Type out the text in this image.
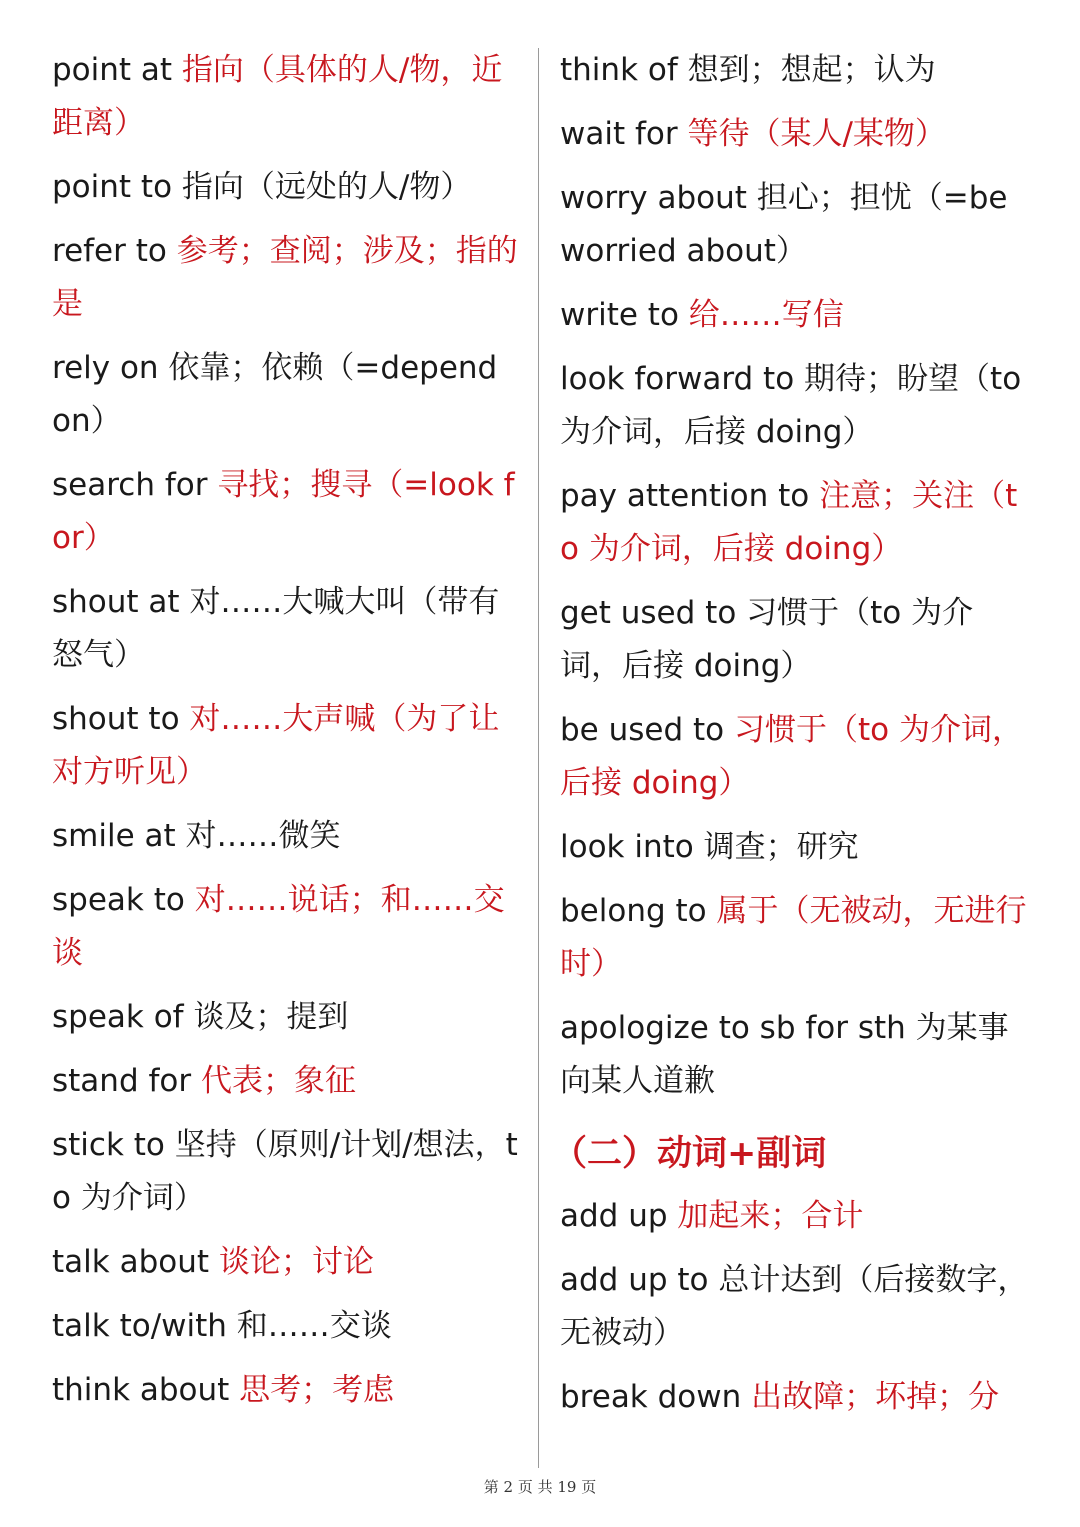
point at 指向（具体的人/物，近距离）
point to 指向（远处的人/物）
refer to 参考；查阅；涉及；指的是
rely on 依靠；依赖（=depend on）
search for 寻找；搜寻（=look for）
shout at 对……大喊大叫（带有怒气）
shout to 对……大声喊（为了让对方听见）
smile at 对……微笑
speak to 对……说话；和……交谈
speak of 谈及；提到
stand for 代表；象征
stick to 坚持（原则/计划/想法，to 为介词）
talk about 谈论；讨论
talk to/with 和……交谈
think about 思考；考虑
think of 想到；想起；认为
wait for 等待（某人/某物）
worry about 担心；担忧（=be worried about）
write to 给……写信
look forward to 期待；盼望（to 为介词，后接 doing）
pay attention to 注意；关注（to 为介词，后接 doing）
get used to 习惯于（to 为介词，后接 doing）
be used to 习惯于（to 为介词，后接 doing）
look into 调查；研究
belong to 属于（无被动，无进行时）
apologize to sb for sth 为某事向某人道歉
（二）动词+副词
add up 加起来；合计
add up to 总计达到（后接数字，无被动）
break down 出故障；坏掉；分
第 2 页 共 19 页
